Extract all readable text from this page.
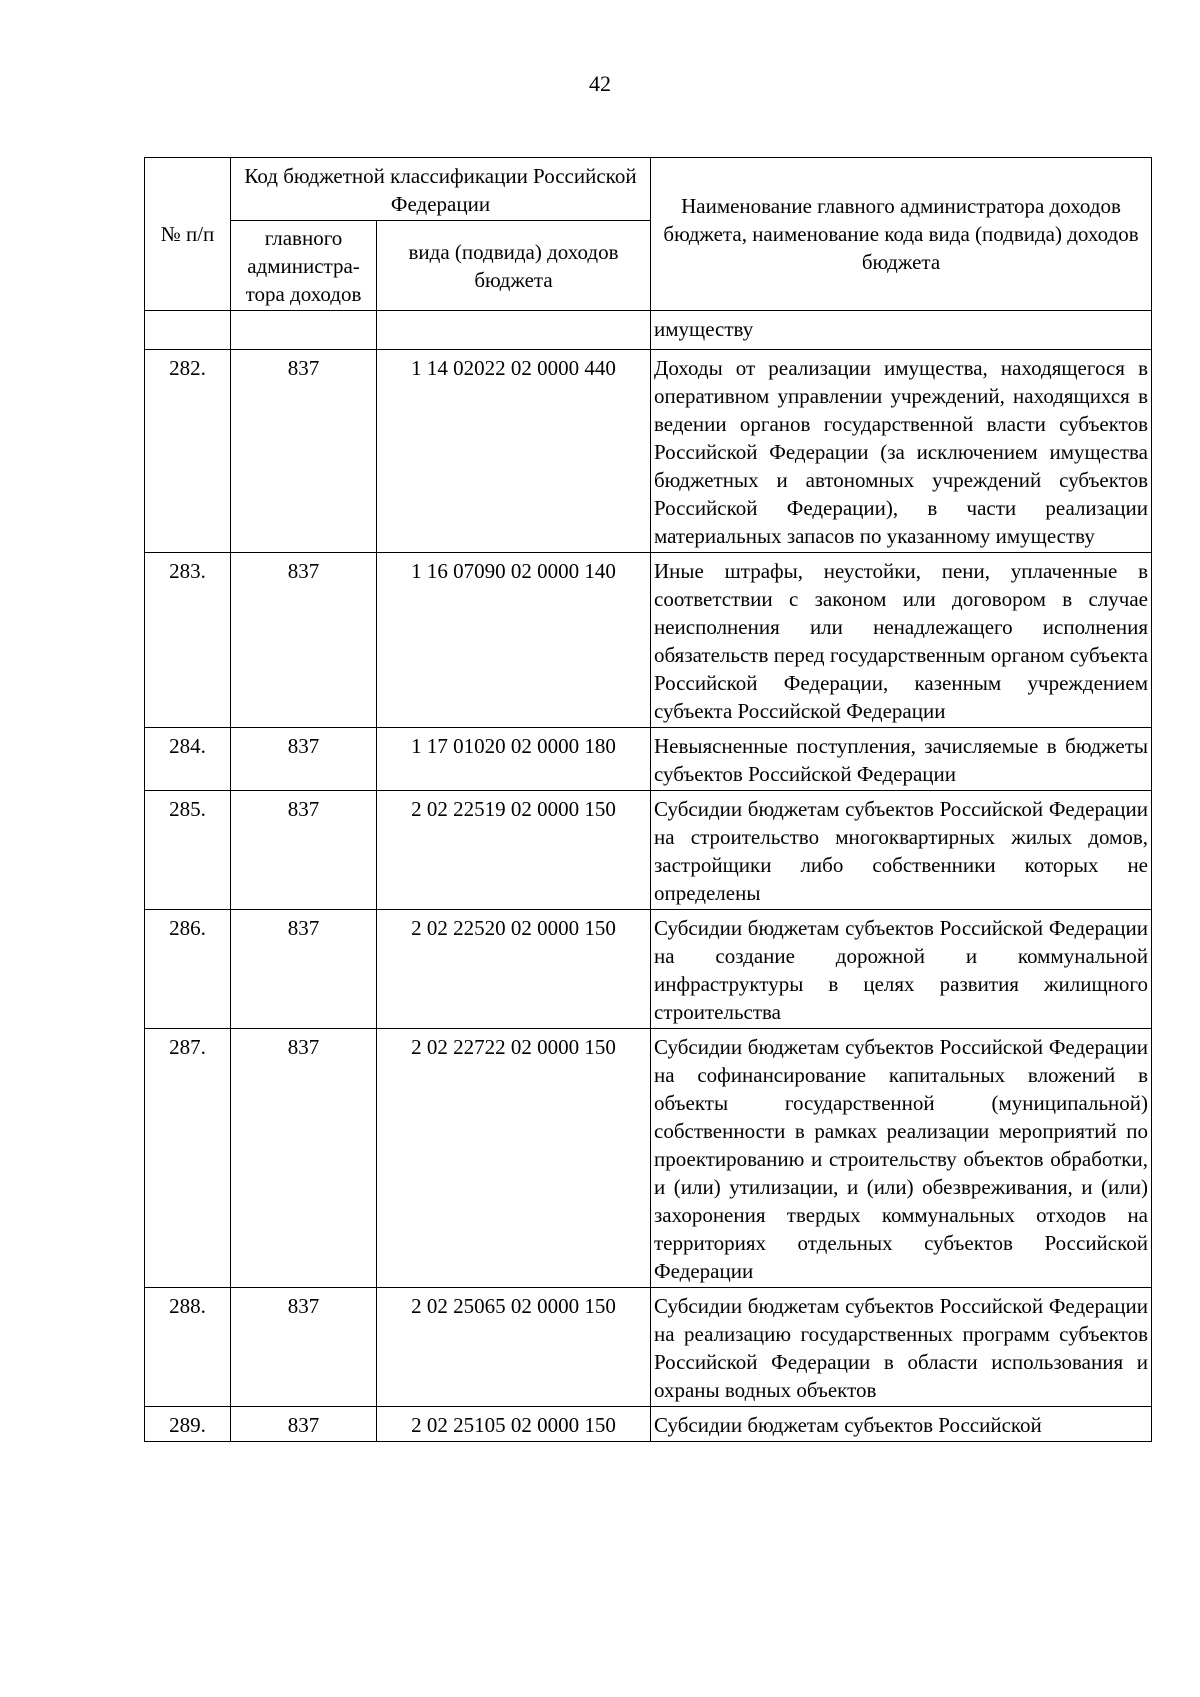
42
№ п/п	Код бюджетной классификации Российской Федерации		Наименование главного администратора доходов бюджета, наименование кода вида (подвида) доходов бюджета
	главного администра-тора доходов	вида (подвида) доходов бюджета	
			имуществу
282.	837	1 14 02022 02 0000 440	Доходы от реализации имущества, находящегося в оперативном управлении учреждений, находящихся в ведении органов государственной власти субъектов Российской Федерации (за исключением имущества бюджетных и автономных учреждений субъектов Российской Федерации), в части реализации материальных запасов по указанному имуществу
283.	837	1 16 07090 02 0000 140	Иные штрафы, неустойки, пени, уплаченные в соответствии с законом или договором в случае неисполнения или ненадлежащего исполнения обязательств перед государственным органом субъекта Российской Федерации, казенным учреждением субъекта Российской Федерации
284.	837	1 17 01020 02 0000 180	Невыясненные поступления, зачисляемые в бюджеты субъектов Российской Федерации
285.	837	2 02 22519 02 0000 150	Субсидии бюджетам субъектов Российской Федерации на строительство многоквартирных жилых домов, застройщики либо собственники которых не определены
286.	837	2 02 22520 02 0000 150	Субсидии бюджетам субъектов Российской Федерации на создание дорожной и коммунальной инфраструктуры в целях развития жилищного строительства
287.	837	2 02 22722 02 0000 150	Субсидии бюджетам субъектов Российской Федерации на софинансирование капитальных вложений в объекты государственной (муниципальной) собственности в рамках реализации мероприятий по проектированию и строительству объектов обработки, и (или) утилизации, и (или) обезвреживания, и (или) захоронения твердых коммунальных отходов на территориях отдельных субъектов Российской Федерации
288.	837	2 02 25065 02 0000 150	Субсидии бюджетам субъектов Российской Федерации на реализацию государственных программ субъектов Российской Федерации в области использования и охраны водных объектов
289.	837	2 02 25105 02 0000 150	Субсидии бюджетам субъектов Российской
